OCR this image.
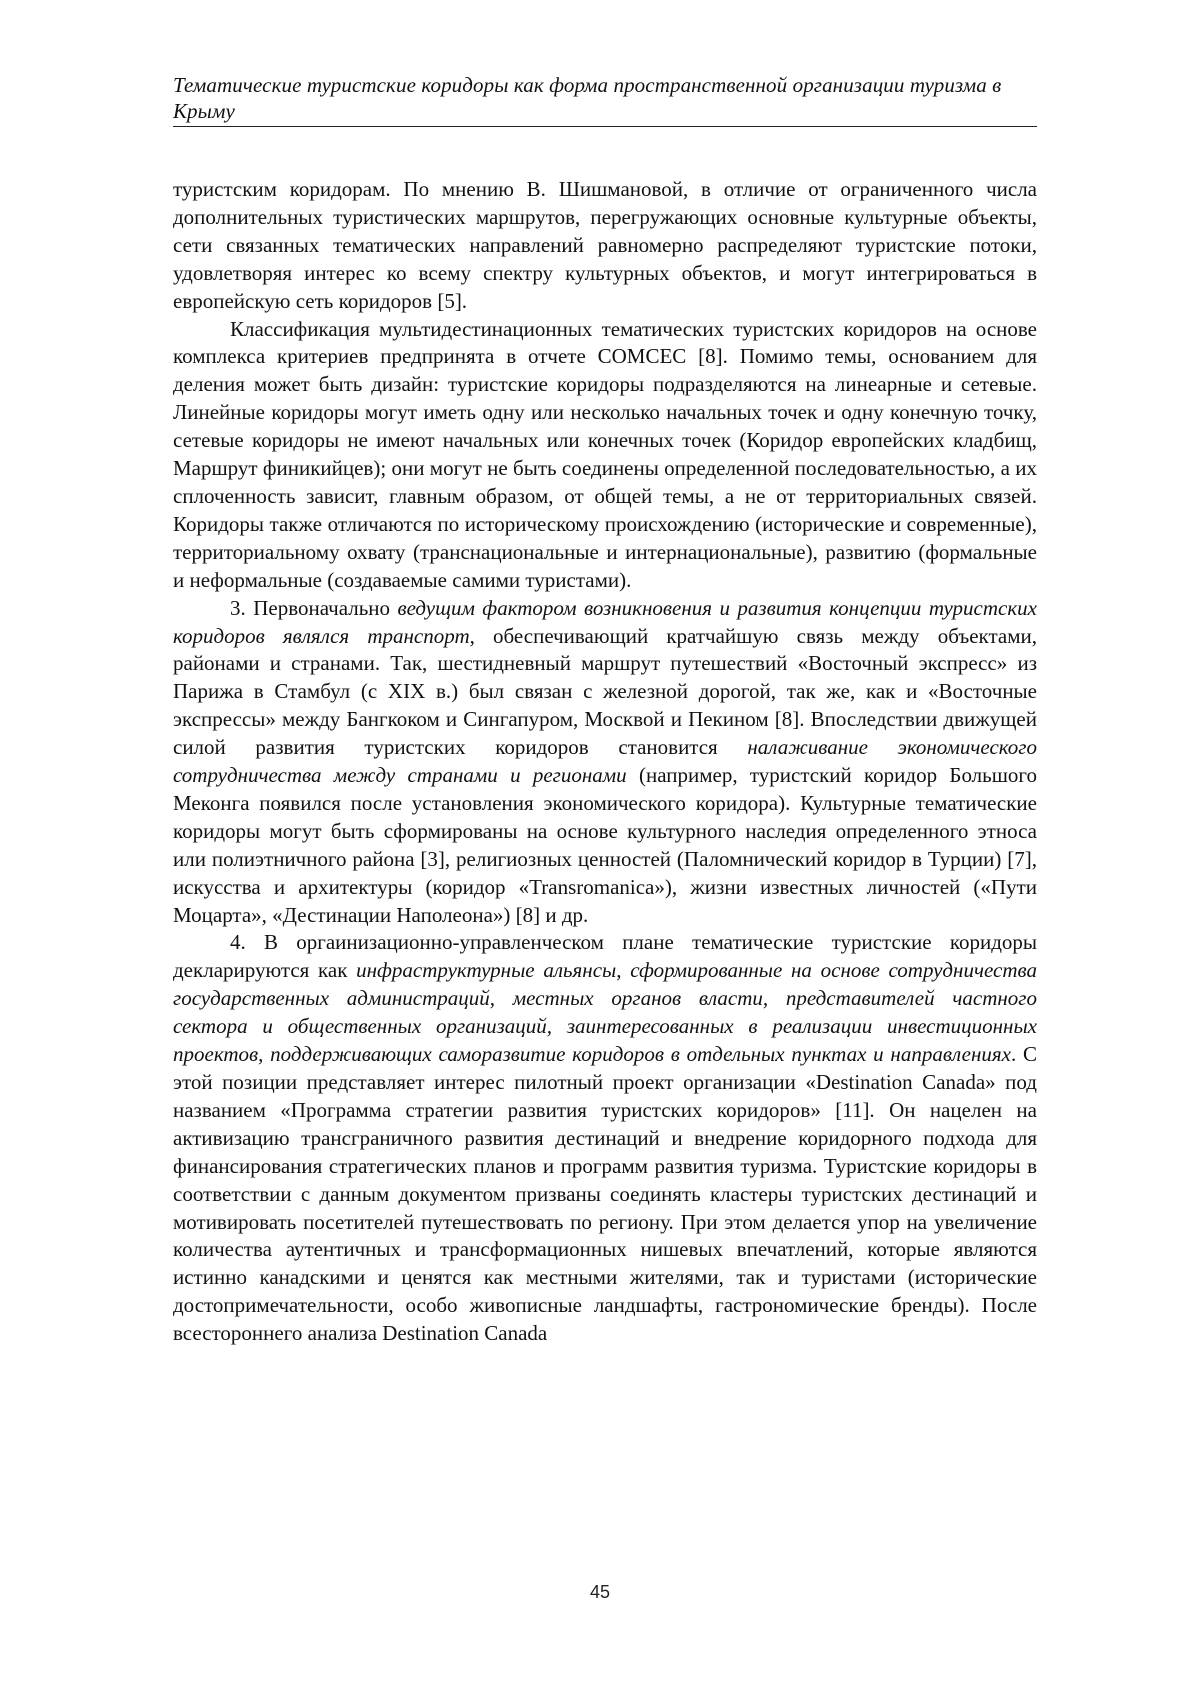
Тематические туристские коридоры как форма пространственной организации туризма в Крыму

туристским коридорам. По мнению В. Шишмановой, в отличие от ограниченного числа дополнительных туристических маршрутов, перегружающих основные культурные объекты, сети связанных тематических направлений равномерно распределяют туристские потоки, удовлетворяя интерес ко всему спектру культурных объектов, и могут интегрироваться в европейскую сеть коридоров [5].

Классификация мультидестинационных тематических туристских коридоров на основе комплекса критериев предпринята в отчете COMCEC [8]. Помимо темы, основанием для деления может быть дизайн: туристские коридоры подразделяются на линеарные и сетевые. Линейные коридоры могут иметь одну или несколько начальных точек и одну конечную точку, сетевые коридоры не имеют начальных или конечных точек (Коридор европейских кладбищ, Маршрут финикийцев); они могут не быть соединены определенной последовательностью, а их сплоченность зависит, главным образом, от общей темы, а не от территориальных связей. Коридоры также отличаются по историческому происхождению (исторические и современные), территориальному охвату (транснациональные и интернациональные), развитию (формальные и неформальные (создаваемые самими туристами).

3. Первоначально ведущим фактором возникновения и развития концепции туристских коридоров являлся транспорт, обеспечивающий кратчайшую связь между объектами, районами и странами. Так, шестидневный маршрут путешествий «Восточный экспресс» из Парижа в Стамбул (с XIX в.) был связан с железной дорогой, так же, как и «Восточные экспрессы» между Бангкоком и Сингапуром, Москвой и Пекином [8]. Впоследствии движущей силой развития туристских коридоров становится налаживание экономического сотрудничества между странами и регионами (например, туристский коридор Большого Меконга появился после установления экономического коридора). Культурные тематические коридоры могут быть сформированы на основе культурного наследия определенного этноса или полиэтничного района [3], религиозных ценностей (Паломнический коридор в Турции) [7], искусства и архитектуры (коридор «Transromanica»), жизни известных личностей («Пути Моцарта», «Дестинации Наполеона») [8] и др.

4. В оргаинизационно-управленческом плане тематические туристские коридоры декларируются как инфраструктурные альянсы, сформированные на основе сотрудничества государственных администраций, местных органов власти, представителей частного сектора и общественных организаций, заинтересованных в реализации инвестиционных проектов, поддерживающих саморазвитие коридоров в отдельных пунктах и направлениях. С этой позиции представляет интерес пилотный проект организации «Destination Canada» под названием «Программа стратегии развития туристских коридоров» [11]. Он нацелен на активизацию трансграничного развития дестинаций и внедрение коридорного подхода для финансирования стратегических планов и программ развития туризма. Туристские коридоры в соответствии с данным документом призваны соединять кластеры туристских дестинаций и мотивировать посетителей путешествовать по региону. При этом делается упор на увеличение количества аутентичных и трансформационных нишевых впечатлений, которые являются истинно канадскими и ценятся как местными жителями, так и туристами (исторические достопримечательности, особо живописные ландшафты, гастрономические бренды). После всестороннего анализа Destination Canada

45
